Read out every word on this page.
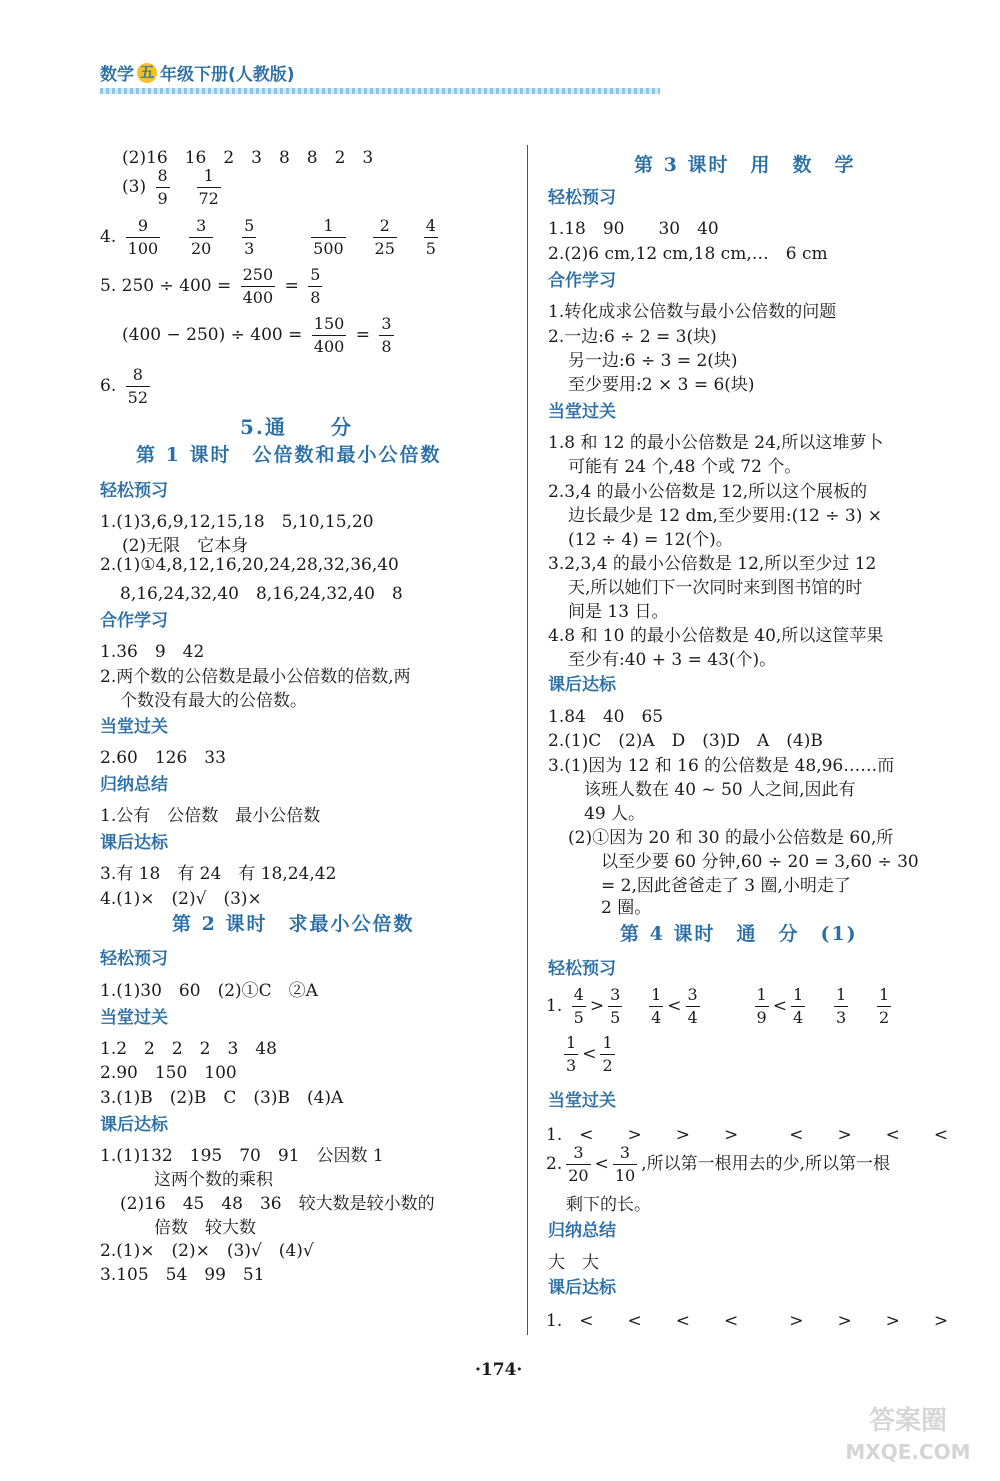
数学 五 年级下册(人教版)
(2)16　16　2　3　8　8　2　3
$(3) \frac{8}{9}$
$\frac{1}{72}$
4. $\frac{9}{100}$
$\frac{3}{20}$
$\frac{5}{3}$
	$\frac{1}{500}$
$\frac{2}{25}$
$\frac{4}{5}$
5. $250 \div 400 = \frac{250}{400} = \frac{5}{8}$
$(400 - 250) \div 400 = \frac{150}{400} = \frac{3}{8}$
6. $\frac{8}{52}$
5.通　　分
第 1 课时　公倍数和最小公倍数
轻松预习
1.(1)3,6,9,12,15,18　5,10,15,20
(2)无限　它本身
2.(1)①4,8,12,16,20,24,28,32,36,40
8,16,24,32,40　8,16,24,32,40　8
合作学习
1.36　9　42
2.两个数的公倍数是最小公倍数的倍数,两
个数没有最大的公倍数。
当堂过关
2.60　126　33
归纳总结
1.公有　公倍数　最小公倍数
课后达标
3.有 18　有 24　有 18,24,42
4.(1)×　(2)√　(3)×
第 2 课时　求最小公倍数
轻松预习
1.(1)30　60　(2)①C　②A
当堂过关
1.2　2　2　2　3　48
2.90　150　100
3.(1)B　(2)B　C　(3)B　(4)A
课后达标
1.(1)132　195　70　91　公因数 1
这两个数的乘积
(2)16　45　48　36　较大数是较小数的
倍数　较大数
2.(1)×　(2)×　(3)√　(4)√
3.105　54　99　51
第 3 课时　用　数　学
轻松预习
1.18　90　　30　40
2.(2)6 cm,12 cm,18 cm,…　6 cm
合作学习
1.转化成求公倍数与最小公倍数的问题
2.一边:6 ÷ 2 = 3(块)
另一边:6 ÷ 3 = 2(块)
至少要用:2 × 3 = 6(块)
当堂过关
1.8 和 12 的最小公倍数是 24,所以这堆萝卜
可能有 24 个,48 个或 72 个。
2.3,4 的最小公倍数是 12,所以这个展板的
边长最少是 12 dm,至少要用:(12 ÷ 3) ×
(12 ÷ 4) = 12(个)。
3.2,3,4 的最小公倍数是 12,所以至少过 12
天,所以她们下一次同时来到图书馆的时
间是 13 日。
4.8 和 10 的最小公倍数是 40,所以这筐苹果
至少有:40 + 3 = 43(个)。
课后达标
1.84　40　65
2.(1)C　(2)A　D　(3)D　A　(4)B
3.(1)因为 12 和 16 的公倍数是 48,96……而
该班人数在 40 ~ 50 人之间,因此有
49 人。
(2)①因为 20 和 30 的最小公倍数是 60,所
以至少要 60 分钟,60 ÷ 20 = 3,60 ÷ 30
= 2,因此爸爸走了 3 圈,小明走了
2 圈。
第 4 课时　通　分　(1)
轻松预习
1. $\frac{4}{5} > \frac{3}{5}$
$\frac{1}{4} < \frac{3}{4}$
	$\frac{1}{9} < \frac{1}{4}$
$\frac{1}{3}$
$\frac{1}{2}$
$\frac{1}{3} < \frac{1}{2}$
当堂过关
1.　<　　>　　>　　>　　　<　　>　　<　　<
2. $\frac{3}{20} < \frac{3}{10}$ ,所以第一根用去的少,所以第一根
剩下的长。
归纳总结
大　大
课后达标
1.　<　　<　　<　　<　　　>　　>　　>　　>
·174·
答案圈
MXQE.COM
